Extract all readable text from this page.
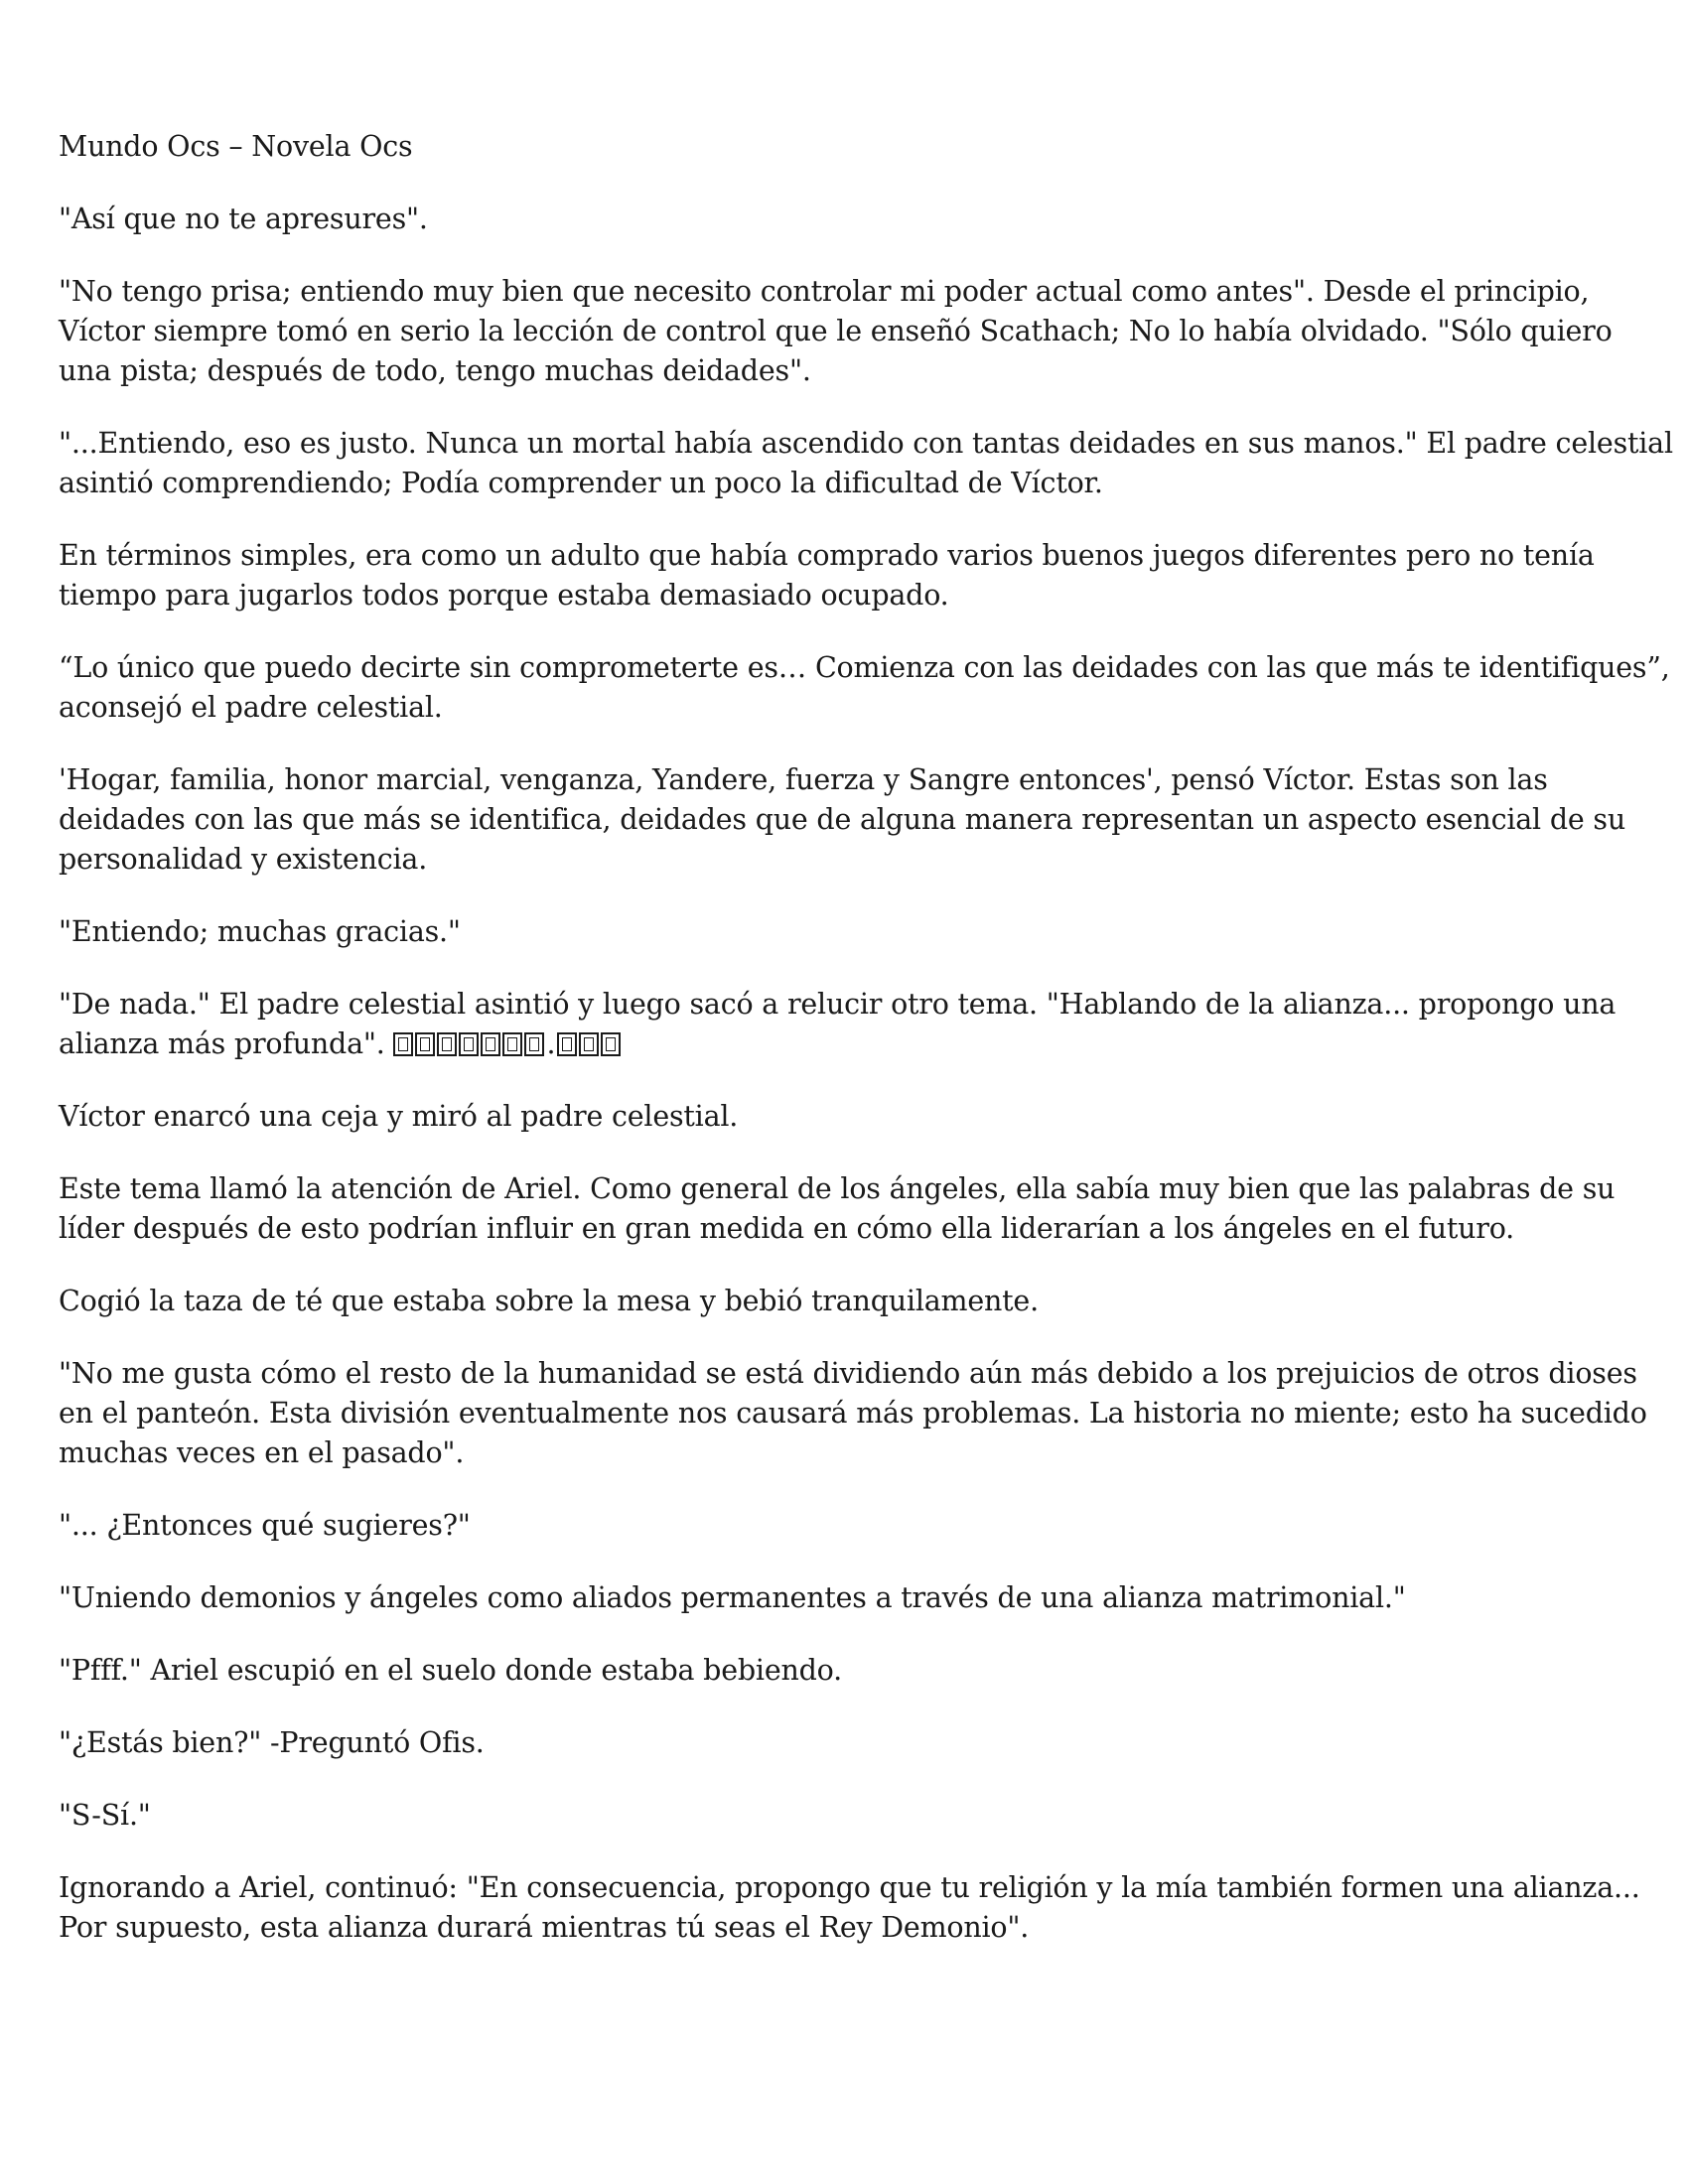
Mundo Ocs – Novela Ocs
"Así que no te apresures".
"No tengo prisa; entiendo muy bien que necesito controlar mi poder actual como antes". Desde el principio,
Víctor siempre tomó en serio la lección de control que le enseñó Scathach; No lo había olvidado. "Sólo quiero
una pista; después de todo, tengo muchas deidades".
"...Entiendo, eso es justo. Nunca un mortal había ascendido con tantas deidades en sus manos." El padre celestial
asintió comprendiendo; Podía comprender un poco la dificultad de Víctor.
En términos simples, era como un adulto que había comprado varios buenos juegos diferentes pero no tenía
tiempo para jugarlos todos porque estaba demasiado ocupado.
“Lo único que puedo decirte sin comprometerte es… Comienza con las deidades con las que más te identifiques”,
aconsejó el padre celestial.
'Hogar, familia, honor marcial, venganza, Yandere, fuerza y Sangre entonces', pensó Víctor. Estas son las
deidades con las que más se identifica, deidades que de alguna manera representan un aspecto esencial de su
personalidad y existencia.
"Entiendo; muchas gracias."
"De nada." El padre celestial asintió y luego sacó a relucir otro tema. "Hablando de la alianza... propongo una
alianza más profunda".	.
Víctor enarcó una ceja y miró al padre celestial.
Este tema llamó la atención de Ariel. Como general de los ángeles, ella sabía muy bien que las palabras de su
líder después de esto podrían influir en gran medida en cómo ella liderarían a los ángeles en el futuro.
Cogió la taza de té que estaba sobre la mesa y bebió tranquilamente.
"No me gusta cómo el resto de la humanidad se está dividiendo aún más debido a los prejuicios de otros dioses
en el panteón. Esta división eventualmente nos causará más problemas. La historia no miente; esto ha sucedido
muchas veces en el pasado".
"... ¿Entonces qué sugieres?"
"Uniendo demonios y ángeles como aliados permanentes a través de una alianza matrimonial."
"Pfff." Ariel escupió en el suelo donde estaba bebiendo.
"¿Estás bien?" -Preguntó Ofis.
"S-Sí."
Ignorando a Ariel, continuó: "En consecuencia, propongo que tu religión y la mía también formen una alianza...
Por supuesto, esta alianza durará mientras tú seas el Rey Demonio".
